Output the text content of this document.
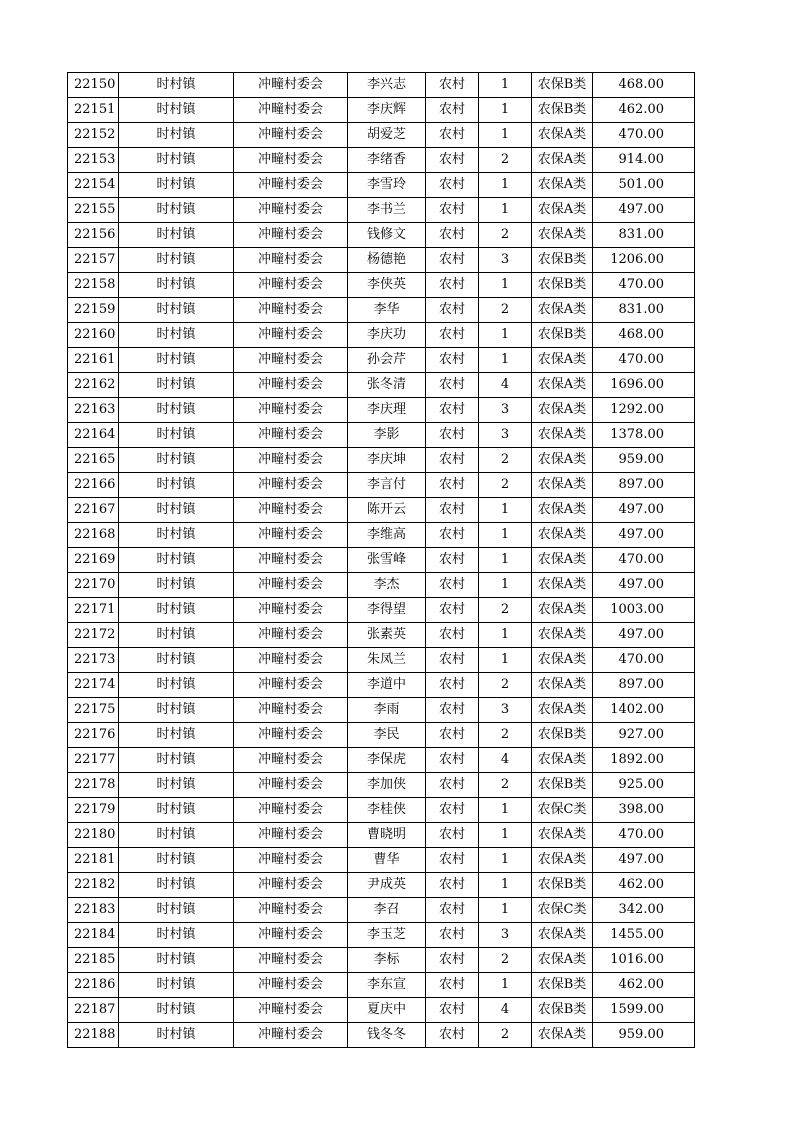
22150	时村镇	冲疃村委会	李兴志	农村	1	农保B类	468.00
22151	时村镇	冲疃村委会	李庆辉	农村	1	农保B类	462.00
22152	时村镇	冲疃村委会	胡爱芝	农村	1	农保A类	470.00
22153	时村镇	冲疃村委会	李绪香	农村	2	农保A类	914.00
22154	时村镇	冲疃村委会	李雪玲	农村	1	农保A类	501.00
22155	时村镇	冲疃村委会	李书兰	农村	1	农保A类	497.00
22156	时村镇	冲疃村委会	钱修文	农村	2	农保A类	831.00
22157	时村镇	冲疃村委会	杨德艳	农村	3	农保B类	1206.00
22158	时村镇	冲疃村委会	李侠英	农村	1	农保B类	470.00
22159	时村镇	冲疃村委会	李华	农村	2	农保A类	831.00
22160	时村镇	冲疃村委会	李庆功	农村	1	农保B类	468.00
22161	时村镇	冲疃村委会	孙会芹	农村	1	农保A类	470.00
22162	时村镇	冲疃村委会	张冬清	农村	4	农保A类	1696.00
22163	时村镇	冲疃村委会	李庆理	农村	3	农保A类	1292.00
22164	时村镇	冲疃村委会	李影	农村	3	农保A类	1378.00
22165	时村镇	冲疃村委会	李庆坤	农村	2	农保A类	959.00
22166	时村镇	冲疃村委会	李言付	农村	2	农保A类	897.00
22167	时村镇	冲疃村委会	陈开云	农村	1	农保A类	497.00
22168	时村镇	冲疃村委会	李维高	农村	1	农保A类	497.00
22169	时村镇	冲疃村委会	张雪峰	农村	1	农保A类	470.00
22170	时村镇	冲疃村委会	李杰	农村	1	农保A类	497.00
22171	时村镇	冲疃村委会	李得望	农村	2	农保A类	1003.00
22172	时村镇	冲疃村委会	张素英	农村	1	农保A类	497.00
22173	时村镇	冲疃村委会	朱凤兰	农村	1	农保A类	470.00
22174	时村镇	冲疃村委会	李道中	农村	2	农保A类	897.00
22175	时村镇	冲疃村委会	李雨	农村	3	农保A类	1402.00
22176	时村镇	冲疃村委会	李民	农村	2	农保B类	927.00
22177	时村镇	冲疃村委会	李保虎	农村	4	农保A类	1892.00
22178	时村镇	冲疃村委会	李加侠	农村	2	农保B类	925.00
22179	时村镇	冲疃村委会	李桂侠	农村	1	农保C类	398.00
22180	时村镇	冲疃村委会	曹晓明	农村	1	农保A类	470.00
22181	时村镇	冲疃村委会	曹华	农村	1	农保A类	497.00
22182	时村镇	冲疃村委会	尹成英	农村	1	农保B类	462.00
22183	时村镇	冲疃村委会	李召	农村	1	农保C类	342.00
22184	时村镇	冲疃村委会	李玉芝	农村	3	农保A类	1455.00
22185	时村镇	冲疃村委会	李标	农村	2	农保A类	1016.00
22186	时村镇	冲疃村委会	李东宣	农村	1	农保B类	462.00
22187	时村镇	冲疃村委会	夏庆中	农村	4	农保B类	1599.00
22188	时村镇	冲疃村委会	钱冬冬	农村	2	农保A类	959.00
